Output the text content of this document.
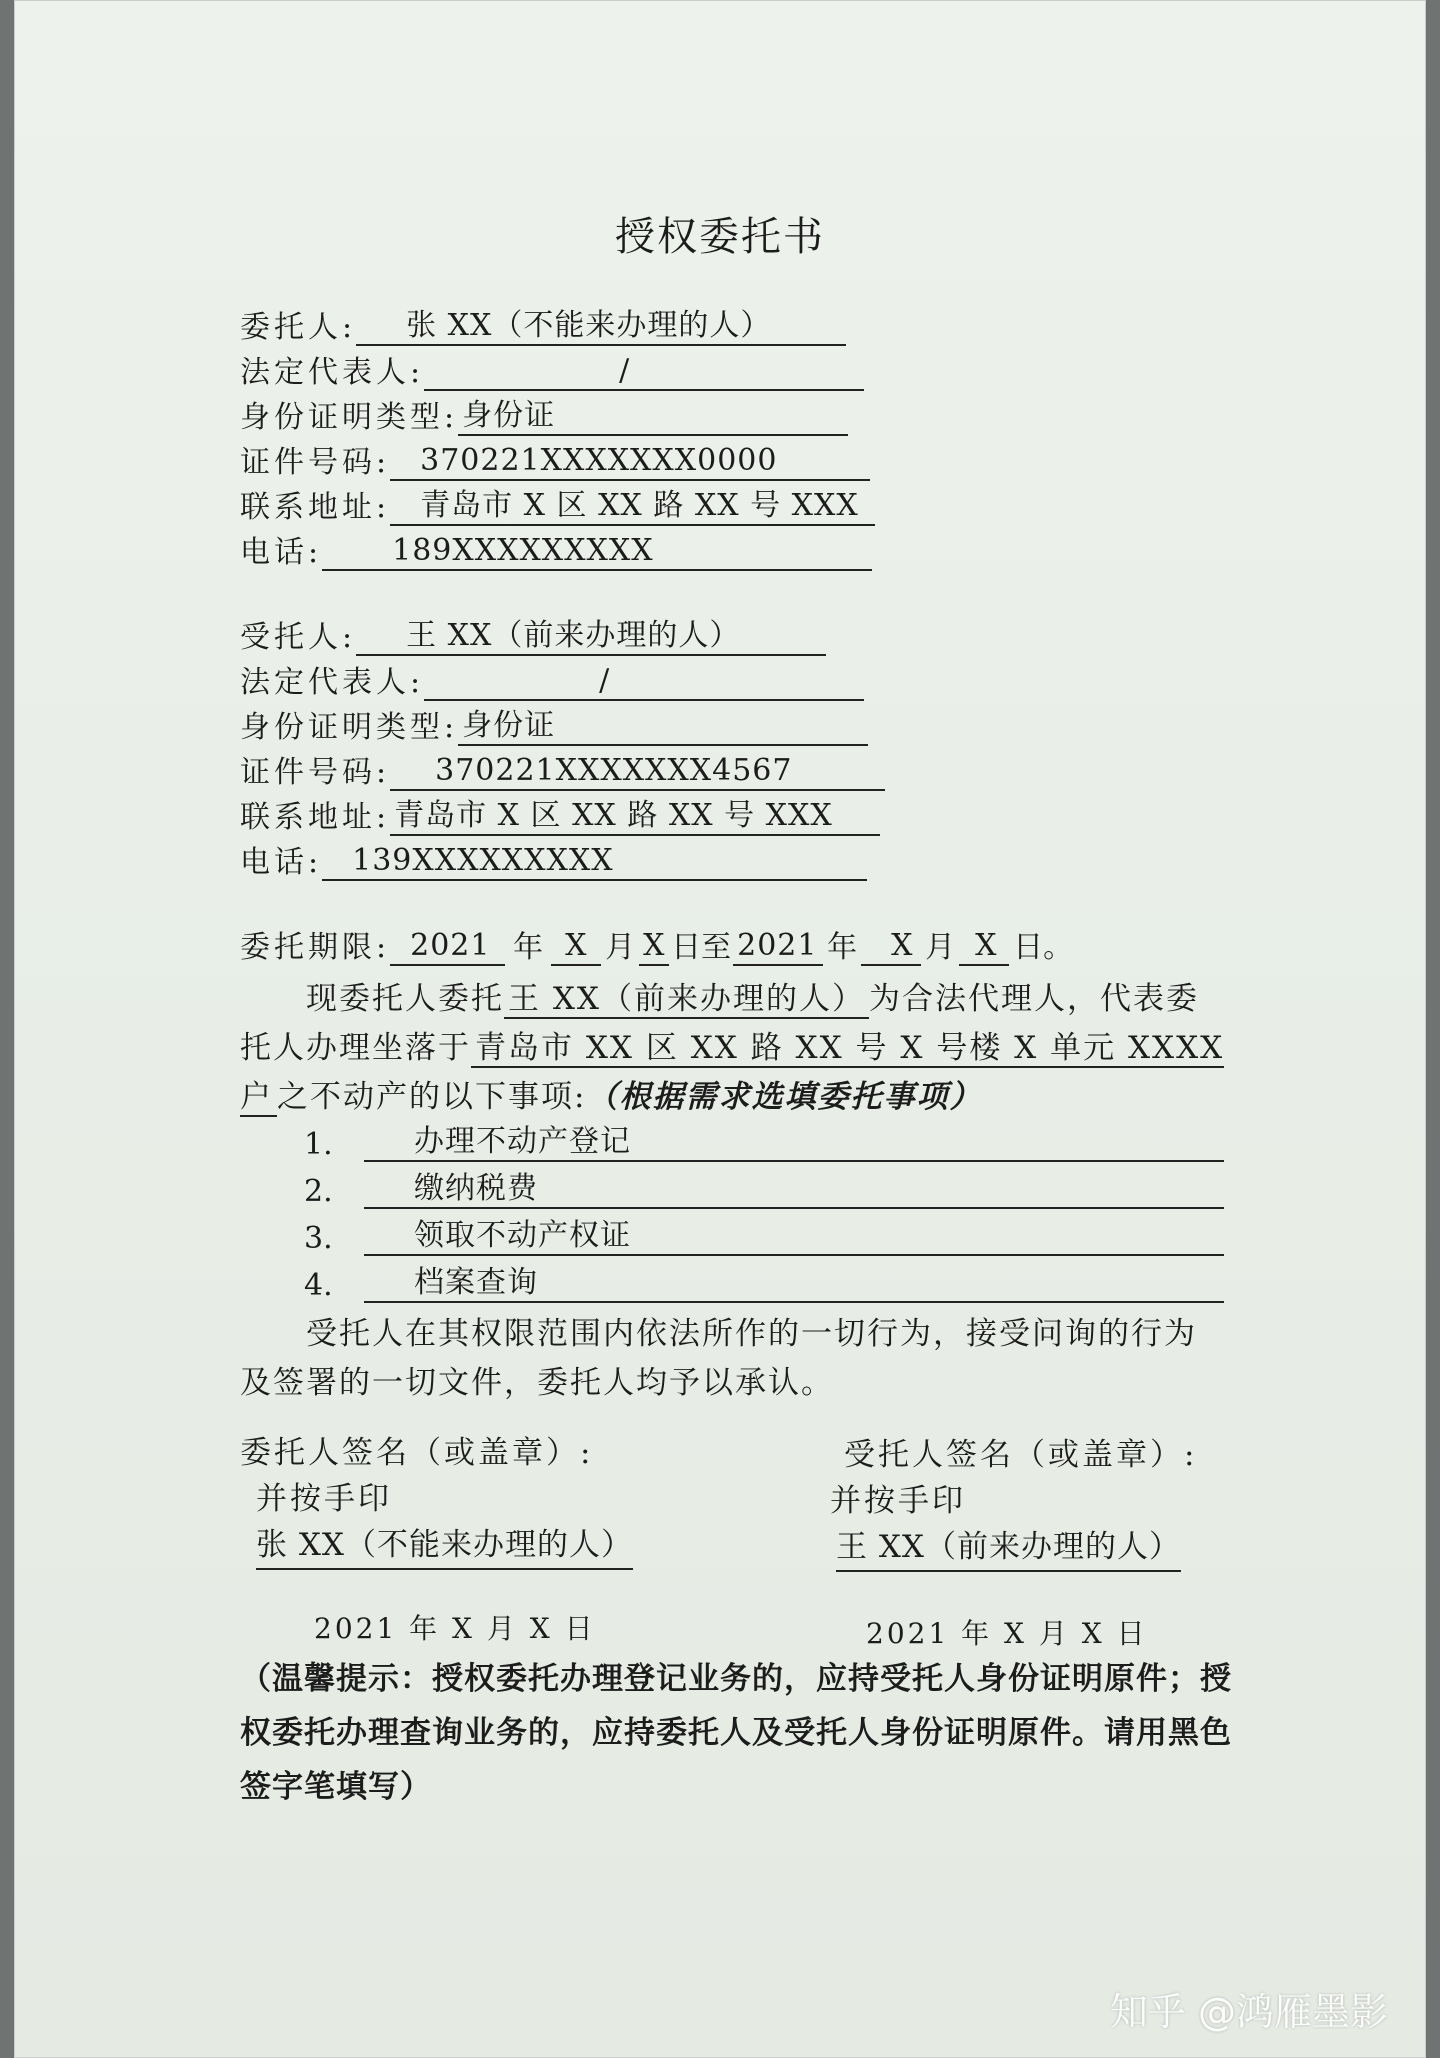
授权委托书
委托人:	张 XX（不能来办理的人）
法定代表人:	/
身份证明类型: 身份证
证件号码:	370221XXXXXXX0000
联系地址:	青岛市 X 区 XX 路 XX 号 XXX
电话:	189XXXXXXXXX
受托人:	王 XX（前来办理的人）
法定代表人:	/
身份证明类型: 身份证
证件号码:	370221XXXXXXX4567
联系地址: 青岛市 X 区 XX 路 XX 号 XXX
电话:	139XXXXXXXXX
委托期限: 2021 年 X 月 X 日至 2021 年	X 月 X 日。
现委托人委托 王 XX（前来办理的人） 为合法代理人，代表委托人办理坐落于 青岛市 XX 区 XX 路 XX 号 X 号楼 X 单元 XXXX 户 之不动产的以下事项:（根据需求选填委托事项）
1.	办理不动产登记
2.	缴纳税费
3.	领取不动产权证
4.	档案查询
受托人在其权限范围内依法所作的一切行为，接受问询的行为及签署的一切文件，委托人均予以承认。
委托人签名（或盖章）:
并按手印
张 XX（不能来办理的人）
受托人签名（或盖章）:
并按手印
王 XX（前来办理的人）
2021 年 X 月 X 日	2021 年 X 月 X 日
（温馨提示：授权委托办理登记业务的，应持受托人身份证明原件；授权委托办理查询业务的，应持委托人及受托人身份证明原件。请用黑色签字笔填写）
知乎 @鸿雁墨影
